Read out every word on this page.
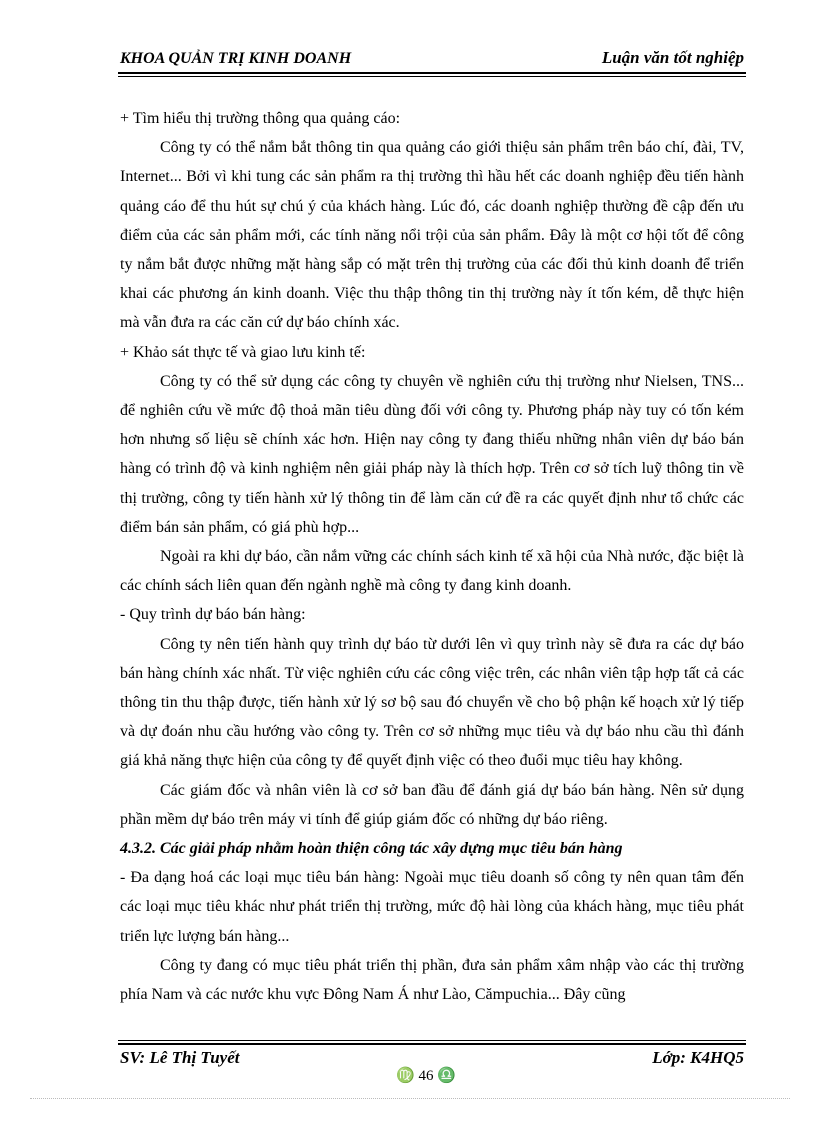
KHOA QUẢN TRỊ KINH DOANH	Luận văn tốt nghiệp

+ Tìm hiểu thị trường thông qua quảng cáo:

Công ty có thể nắm bắt thông tin qua quảng cáo giới thiệu sản phẩm trên báo chí, đài, TV, Internet... Bởi vì khi tung các sản phẩm ra thị trường thì hầu hết các doanh nghiệp đều tiến hành quảng cáo để thu hút sự chú ý của khách hàng. Lúc đó, các doanh nghiệp thường đề cập đến ưu điểm của các sản phẩm mới, các tính năng nổi trội của sản phẩm. Đây là một cơ hội tốt để công ty nắm bắt được những mặt hàng sắp có mặt trên thị trường của các đối thủ kinh doanh để triển khai các phương án kinh doanh. Việc thu thập thông tin thị trường này ít tốn kém, dễ thực hiện mà vẫn đưa ra các căn cứ dự báo chính xác.

+ Khảo sát thực tế và giao lưu kinh tế:

Công ty có thể sử dụng các công ty chuyên về nghiên cứu thị trường như Nielsen, TNS... để nghiên cứu về mức độ thoả mãn tiêu dùng đối với công ty. Phương pháp này tuy có tốn kém hơn nhưng số liệu sẽ chính xác hơn. Hiện nay công ty đang thiếu những nhân viên dự báo bán hàng có trình độ và kinh nghiệm nên giải pháp này là thích hợp. Trên cơ sở tích luỹ thông tin về thị trường, công ty tiến hành xử lý thông tin để làm căn cứ đề ra các quyết định như tổ chức các điểm bán sản phẩm, có giá phù hợp...

Ngoài ra khi dự báo, cần nắm vững các chính sách kinh tế xã hội của Nhà nước, đặc biệt là các chính sách liên quan đến ngành nghề mà công ty đang kinh doanh.

- Quy trình dự báo bán hàng:

Công ty nên tiến hành quy trình dự báo từ dưới lên vì quy trình này sẽ đưa ra các dự báo bán hàng chính xác nhất. Từ việc nghiên cứu các công việc trên, các nhân viên tập hợp tất cả các thông tin thu thập được, tiến hành xử lý sơ bộ sau đó chuyển về cho bộ phận kế hoạch xử lý tiếp và dự đoán nhu cầu hướng vào công ty. Trên cơ sở những mục tiêu và dự báo nhu cầu thì đánh giá khả năng thực hiện của công ty để quyết định việc có theo đuổi mục tiêu hay không.

Các giám đốc và nhân viên là cơ sở ban đầu để đánh giá dự báo bán hàng. Nên sử dụng phần mềm dự báo trên máy vi tính để giúp giám đốc có những dự báo riêng.

4.3.2. Các giải pháp nhằm hoàn thiện công tác xây dựng mục tiêu bán hàng

- Đa dạng hoá các loại mục tiêu bán hàng: Ngoài mục tiêu doanh số công ty nên quan tâm đến các loại mục tiêu khác như phát triển thị trường, mức độ hài lòng của khách hàng, mục tiêu phát triển lực lượng bán hàng...

Công ty đang có mục tiêu phát triển thị phần, đưa sản phẩm xâm nhập vào các thị trường phía Nam và các nước khu vực Đông Nam Á như Lào, Cămpuchia... Đây cũng

SV: Lê Thị Tuyết	Lớp: K4HQ5
♍ 46 ♎
